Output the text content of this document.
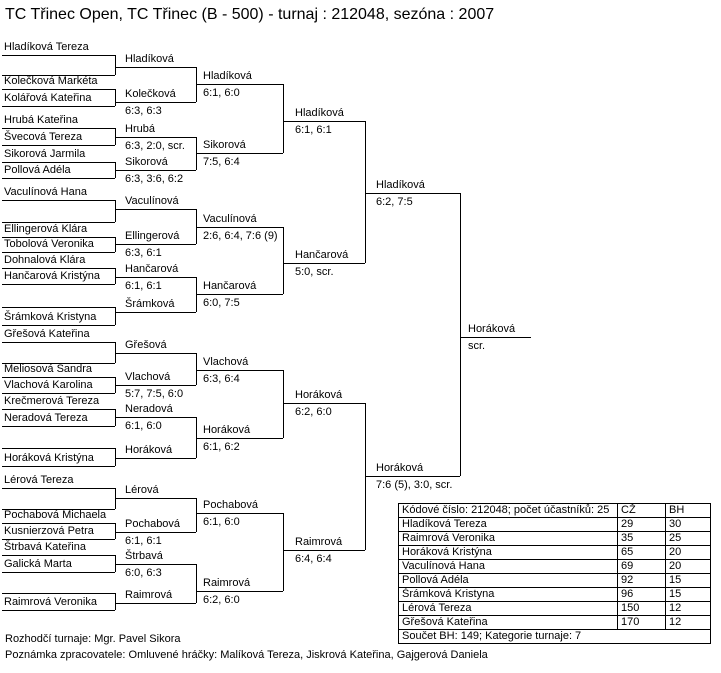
TC Třinec Open, TC Třinec (B - 500) - turnaj : 212048, sezóna : 2007
Hladíková Tereza
Kolečková Markéta
Kolářová Kateřina
Hrubá Kateřina
Švecová Tereza
Sikorová Jarmila
Pollová Adéla
Vaculínová Hana
Ellingerová Klára
Tobolová Veronika
Dohnalová Klára
Hančarová Kristýna
Šrámková Kristyna
Gřešová Kateřina
Meliosová Sandra
Vlachová Karolina
Krečmerová Tereza
Neradová Tereza
Horáková Kristýna
Lérová Tereza
Pochabová Michaela
Kusnierzová Petra
Štrbavá Kateřina
Galická Marta
Raimrová Veronika
Hladíková
Kolečková
6:3, 6:3
Hrubá
6:3, 2:0, scr.
Sikorová
6:3, 3:6, 6:2
Vaculínová
Ellingerová
6:3, 6:1
Hančarová
6:1, 6:1
Šrámková
Gřešová
Vlachová
5:7, 7:5, 6:0
Neradová
6:1, 6:0
Horáková
Lérová
Pochabová
6:1, 6:1
Štrbavá
6:0, 6:3
Raimrová
Hladíková
6:1, 6:0
Sikorová
7:5, 6:4
Vaculínová
2:6, 6:4, 7:6 (9)
Hančarová
6:0, 7:5
Vlachová
6:3, 6:4
Horáková
6:1, 6:2
Pochabová
6:1, 6:0
Raimrová
6:2, 6:0
Hladíková
6:1, 6:1
Hančarová
5:0, scr.
Horáková
6:2, 6:0
Raimrová
6:4, 6:4
Hladíková
6:2, 7:5
Horáková
7:6 (5), 3:0, scr.
Horáková
scr.
Kódové číslo: 212048; počet účastníků: 25	CŽ	BH
Hladíková Tereza	29	30
Raimrová Veronika	35	25
Horáková Kristýna	65	20
Vaculínová Hana	69	20
Pollová Adéla	92	15
Šrámková Kristyna	96	15
Lérová Tereza	150	12
Gřešová Kateřina	170	12
Součet BH: 149; Kategorie turnaje: 7		
Rozhodčí turnaje: Mgr. Pavel Sikora
Poznámka zpracovatele: Omluvené hráčky: Malíková Tereza, Jiskrová Kateřina, Gajgerová Daniela
